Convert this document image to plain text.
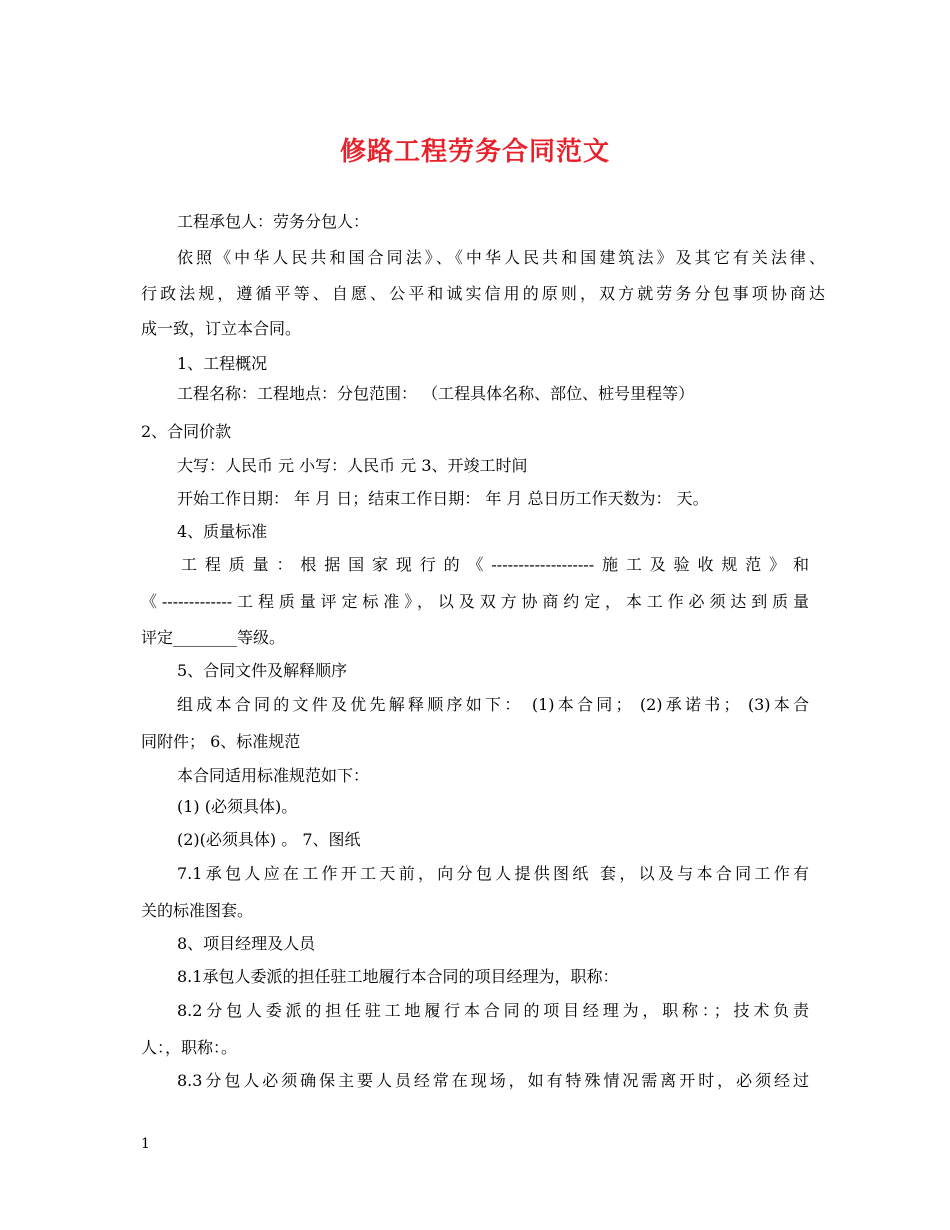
修路工程劳务合同范文
工程承包人：劳务分包人：
依照《中华人民共和国合同法》、《中华人民共和国建筑法》及其它有关法律、
行政法规，遵循平等、自愿、公平和诚实信用的原则，双方就劳务分包事项协商达
成一致，订立本合同。
1、工程概况
工程名称：工程地点：分包范围： （工程具体名称、部位、桩号里程等）
2、合同价款
大写：人民币 元 小写：人民币 元 3、开竣工时间
开始工作日期： 年 月 日；结束工作日期： 年 月 总日历工作天数为： 天。
4、质量标准
工程质量：根据国家现行的《-------------------施工及验收规范》和
《-------------工程质量评定标准》，以及双方协商约定，本工作必须达到质量
评定________等级。
5、合同文件及解释顺序
组成本合同的文件及优先解释顺序如下： (1)本合同； (2)承诺书； (3)本合
同附件； 6、标准规范
本合同适用标准规范如下：
(1) (必须具体)。
(2)(必须具体) 。 7、图纸
7.1承包人应在工作开工天前，向分包人提供图纸 套，以及与本合同工作有
关的标准图套。
8、项目经理及人员
8.1承包人委派的担任驻工地履行本合同的项目经理为，职称：
8.2分包人委派的担任驻工地履行本合同的项目经理为，职称：；技术负责
人：，职称：。
8.3分包人必须确保主要人员经常在现场，如有特殊情况需离开时，必须经过
1
